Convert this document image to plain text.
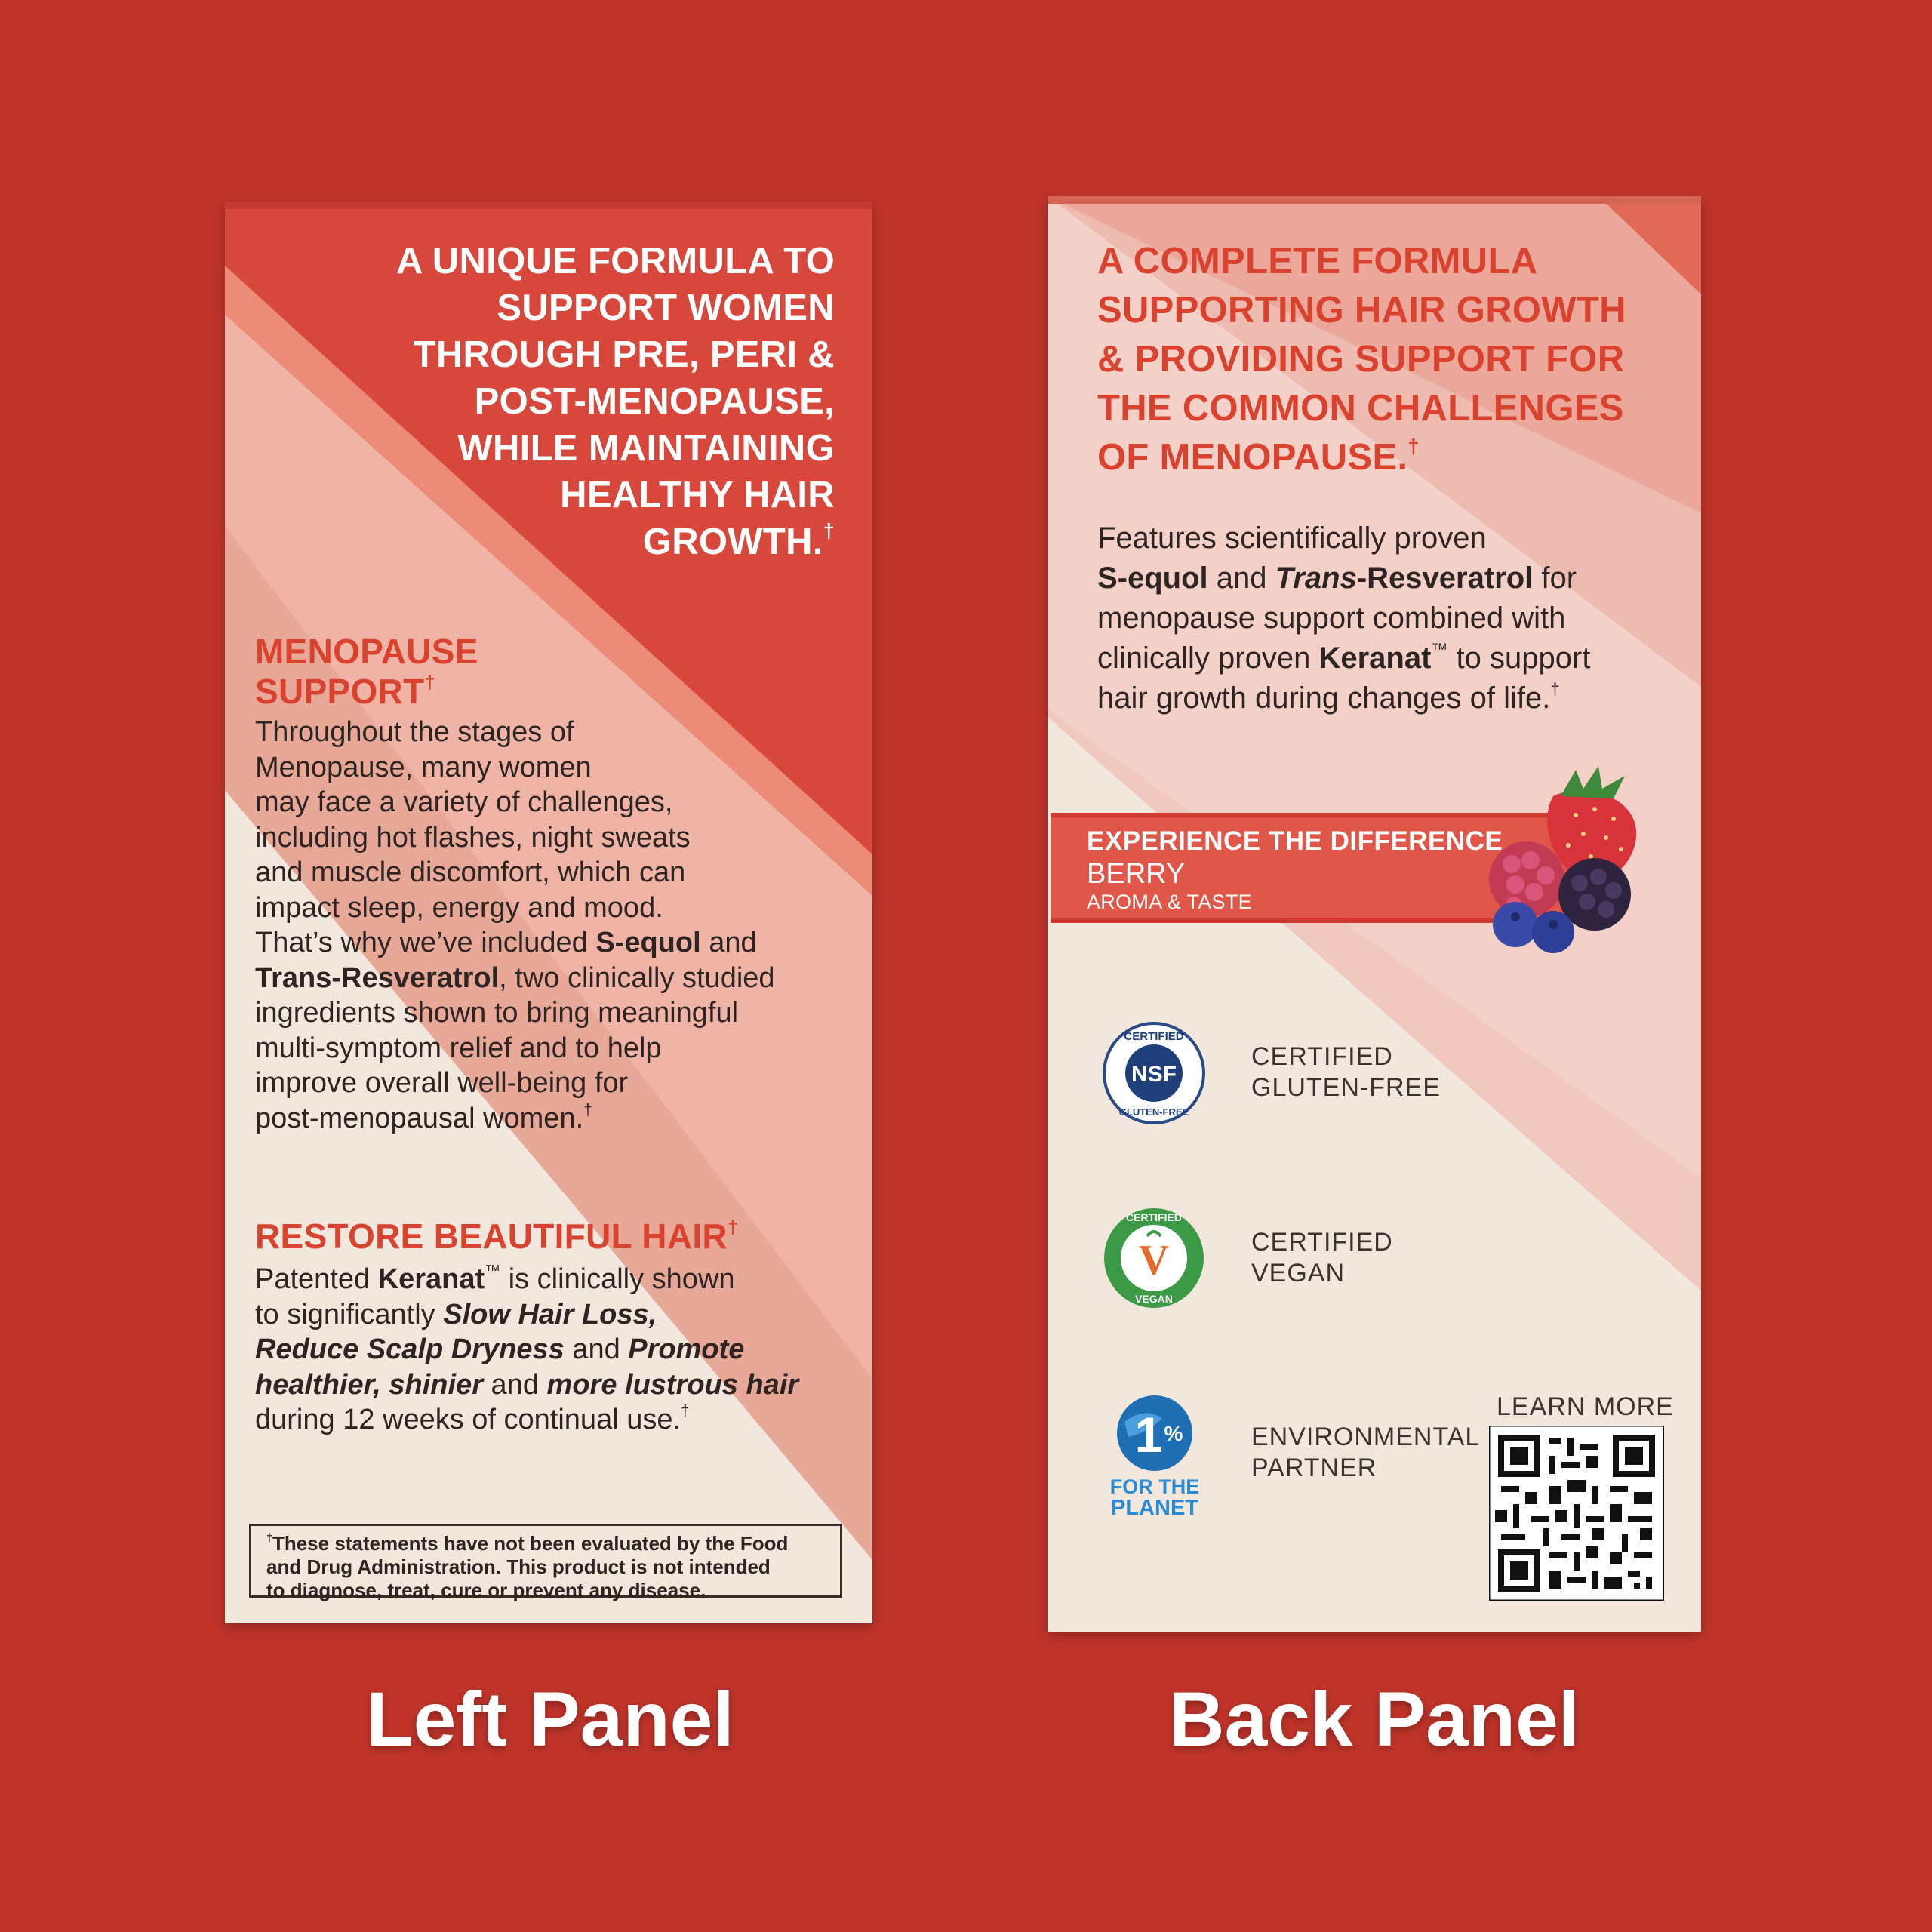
A UNIQUE FORMULA TO
SUPPORT WOMEN
THROUGH PRE, PERI &
POST-MENOPAUSE,
WHILE MAINTAINING
HEALTHY HAIR
GROWTH.†
MENOPAUSE
SUPPORT†
Throughout the stages of
Menopause, many women
may face a variety of challenges,
including hot flashes, night sweats
and muscle discomfort, which can
impact sleep, energy and mood.
That’s why we’ve included S-equol and
Trans-Resveratrol, two clinically studied
ingredients shown to bring meaningful
multi-symptom relief and to help
improve overall well-being for
post-menopausal women.†
RESTORE BEAUTIFUL HAIR†
Patented Keranat™ is clinically shown
to significantly Slow Hair Loss,
Reduce Scalp Dryness and Promote
healthier, shinier and more lustrous hair
during 12 weeks of continual use.†
†These statements have not been evaluated by the Food
and Drug Administration. This product is not intended
to diagnose, treat, cure or prevent any disease.
A COMPLETE FORMULA
SUPPORTING HAIR GROWTH
& PROVIDING SUPPORT FOR
THE COMMON CHALLENGES
OF MENOPAUSE.†
Features scientifically proven
S-equol and Trans-Resveratrol for
menopause support combined with
clinically proven Keranat™ to support
hair growth during changes of life.†
EXPERIENCE THE DIFFERENCE
BERRY
AROMA & TASTE
NSF
CERTIFIED
GLUTEN-FREE
CERTIFIED
GLUTEN-FREE
V
CERTIFIED
VEGAN
CERTIFIED
VEGAN
1 %
FOR THE
PLANET
ENVIRONMENTAL
PARTNER
LEARN MORE
Left Panel	Back Panel
